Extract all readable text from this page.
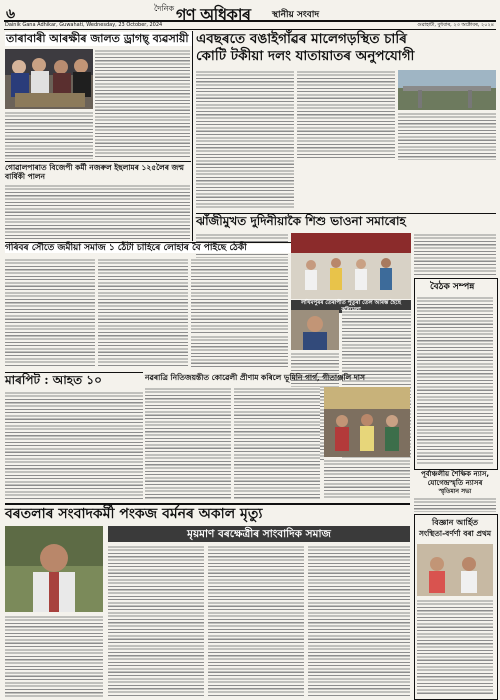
৬	দৈনিক গণ অধিকাৰ স্থানীয় সংবাদ
Dainik Gana Adhikar, Guwahati, Wednesday, 23 October, 2024	গুৱাহাটী, বুধবাৰ, ২৩ অক্টোবৰ, ২০২৪
তাৰাবাৰী আৰক্ষীৰ জালত ড্ৰাগছ্‌ ব্যৱসায়ী এবছৰতে বঙাইগাঁৱৰ মালেগড়স্থিত চাৰি
কোটি টকীয়া দলং যাতায়াতৰ অনুপযোগী
গোৱালপাৰাত বিজেপী কৰ্মী নজৰুল ইছলামৰ ১২৫লৈৰ জন্ম বাৰ্ষিকী পালন
ঝাঁজীমুখত দুদিনীয়াকৈ শিশু ভাওনা সমাৰোহ
বৈঠক সম্পন্ন
গৰিবৰ সৌতে জমীয়া সমাজ ১ ঠেঁটা চাহিৰে লোহাৰ বৈ পাইছে ঠেকী
লখিমপুৰৰ তেৰাপীত পুতুৰা তেল আৰম্ভ হৈছে
মাৰপিট : আহত ১০	নৱৰাত্ৰি নিতিজয়ন্তীত কোৱেলী প্ৰীণাম কৰিলে ভূমিনি গাৰ্গ, গীতাঞ্জলি দাস
পূৰ্বাঞ্চলীয় শৈক্ষিক ন্যাস,
যোগেন্দ্ৰস্মৃতি ন্যাসৰ
স্মৃতিমান সভা
বৰতলাৰ সংবাদকৰ্মী পংকজ বৰ্মনৰ অকাল মৃত্যু
বিজ্ঞান আৰ্হিত
সংস্থিতা-বৰ্ণৰ্ণা বৰা প্ৰথম
মৃয়মাণ বৰক্ষেত্ৰীৰ সাংবাদিক সমাজ
